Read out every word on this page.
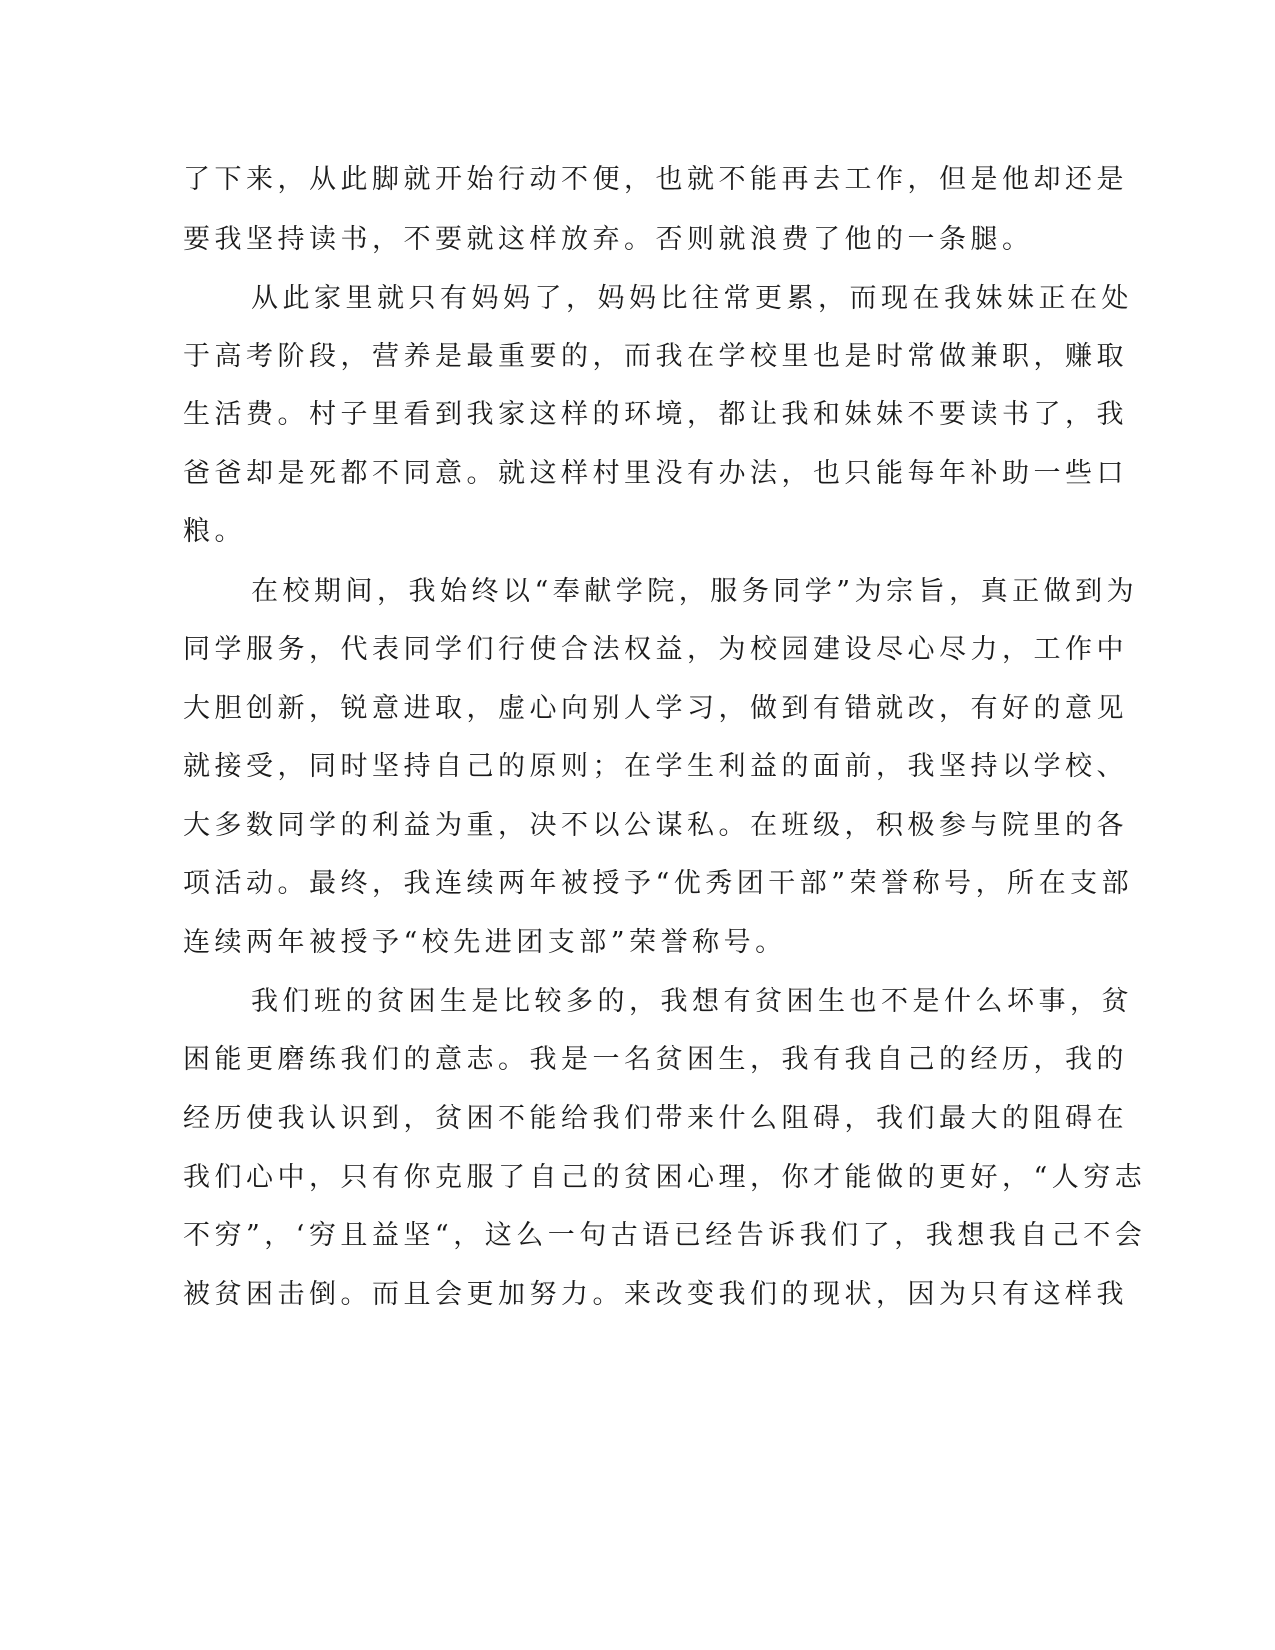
了下来，从此脚就开始行动不便，也就不能再去工作，但是他却还是

要我坚持读书，不要就这样放弃。否则就浪费了他的一条腿。

从此家里就只有妈妈了，妈妈比往常更累，而现在我妹妹正在处

于高考阶段，营养是最重要的，而我在学校里也是时常做兼职，赚取

生活费。村子里看到我家这样的环境，都让我和妹妹不要读书了，我

爸爸却是死都不同意。就这样村里没有办法，也只能每年补助一些口

粮。

在校期间，我始终以“奉献学院，服务同学”为宗旨，真正做到为

同学服务，代表同学们行使合法权益，为校园建设尽心尽力，工作中

大胆创新，锐意进取，虚心向别人学习，做到有错就改，有好的意见

就接受，同时坚持自己的原则；在学生利益的面前，我坚持以学校、

大多数同学的利益为重，决不以公谋私。在班级，积极参与院里的各

项活动。最终，我连续两年被授予“优秀团干部”荣誉称号，所在支部

连续两年被授予“校先进团支部”荣誉称号。

我们班的贫困生是比较多的，我想有贫困生也不是什么坏事，贫

困能更磨练我们的意志。我是一名贫困生，我有我自己的经历，我的

经历使我认识到，贫困不能给我们带来什么阻碍，我们最大的阻碍在

我们心中，只有你克服了自己的贫困心理，你才能做的更好，“人穷志

不穷”，‘穷且益坚“，这么一句古语已经告诉我们了，我想我自己不会

被贫困击倒。而且会更加努力。来改变我们的现状，因为只有这样我
